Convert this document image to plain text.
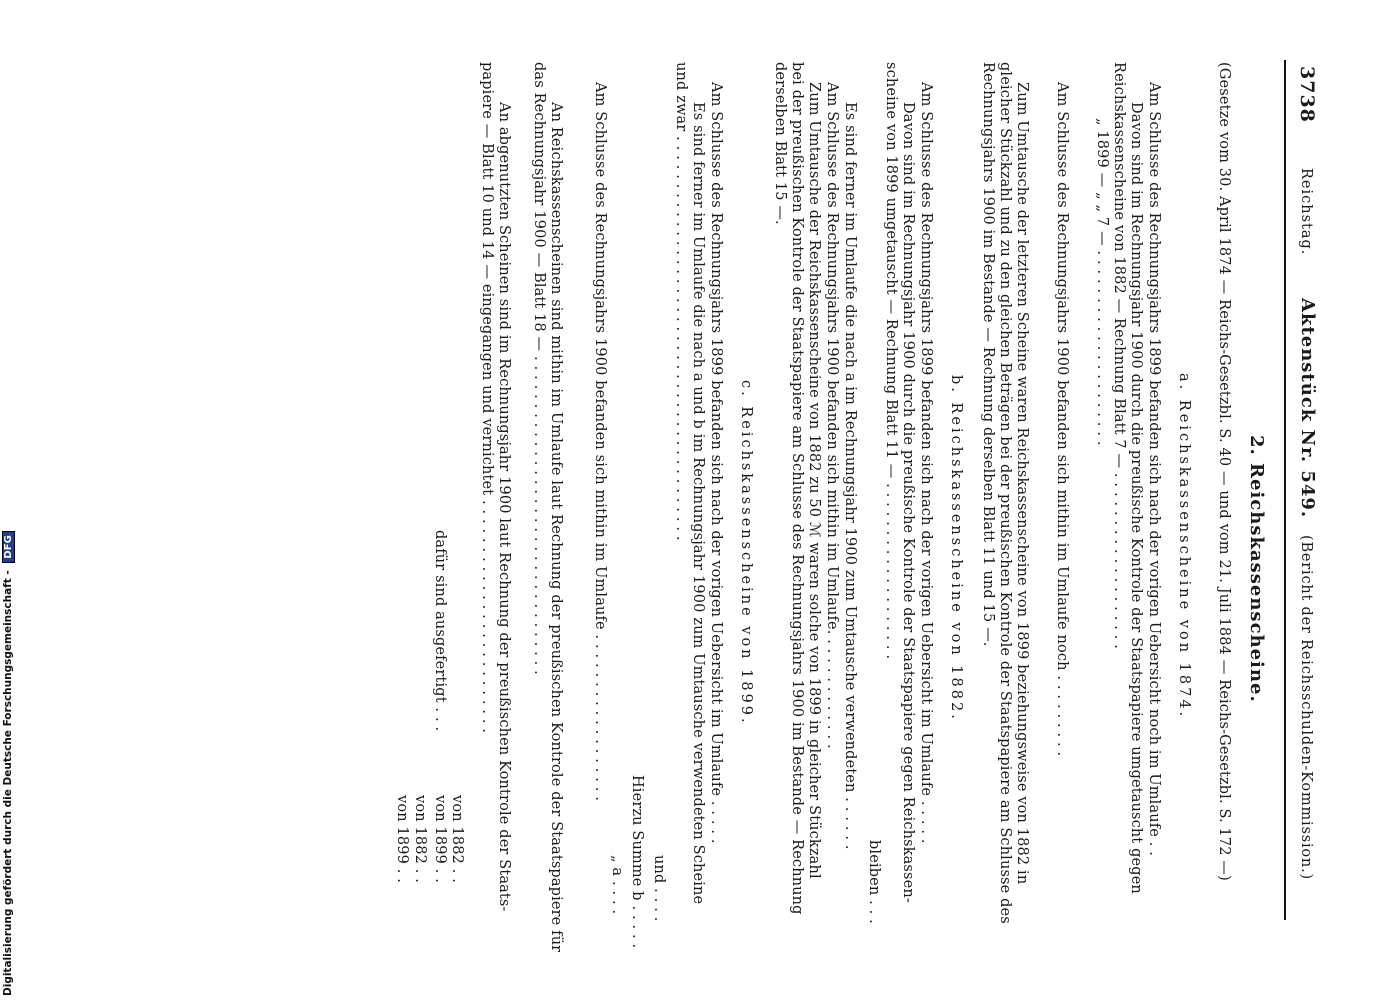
3738
Reichstag.
Aktenstück Nr. 549.
(Bericht der Reichsschulden-Kommission.)
2. Reichskassenscheine.
(Gesetze vom 30. April 1874 — Reichs-Gesetzbl. S. 40 — und vom 21. Juli 1884 — Reichs-Gesetzbl. S. 172 —)
a. Reichskassenscheine von 1874.
Am Schlusse des Rechnungsjahrs 1899 befanden sich nach der vorigen Uebersicht noch im Umlaufe . .
Davon sind im Rechnungsjahr 1900 durch die preußische Kontrole der Staatspapiere umgetauscht gegen
Reichskassenscheine von 1882 — Rechnung Blatt 7 — . . . . . . . . . . . . . . . . . . .
„ 1899 — „ „ 7 — . . . . . . . . . . . . . . . . . . . . .
Am Schlusse des Rechnungsjahrs 1900 befanden sich mithin im Umlaufe noch . . . . . . . . .
Zum Umtausche der letzteren Scheine waren Reichskassenscheine von 1899 beziehungsweise von 1882 in
gleicher Stückzahl und zu den gleichen Beträgen bei der preußischen Kontrole der Staatspapiere am Schlusse des
Rechnungsjahrs 1900 im Bestande — Rechnung derselben Blatt 11 und 15 —.
b. Reichskassenscheine von 1882.
Am Schlusse des Rechnungsjahrs 1899 befanden sich nach der vorigen Uebersicht im Umlaufe . . . . .
Davon sind im Rechnungsjahr 1900 durch die preußische Kontrole der Staatspapiere gegen Reichskassen-
scheine von 1899 umgetauscht — Rechnung Blatt 11 — . . . . . . . . . . . . . . . . . . .
bleiben . . .
Es sind ferner im Umlaufe die nach a im Rechnungsjahr 1900 zum Umtausche verwendeten . . . . . .
Am Schlusse des Rechnungsjahrs 1900 befanden sich mithin im Umlaufe. . . . . . . . . . . . .
Zum Umtausche der Reichskassenscheine von 1882 zu 50 ℳ waren solche von 1899 in gleicher Stückzahl
bei der preußischen Kontrole der Staatspapiere am Schlusse des Rechnungsjahrs 1900 im Bestande — Rechnung
derselben Blatt 15 —.
c. Reichskassenscheine von 1899.
Am Schlusse des Rechnungsjahrs 1899 befanden sich nach der vorigen Uebersicht im Umlaufe . . . . .
Es sind ferner im Umlaufe die nach a und b im Rechnungsjahr 1900 zum Umtausche verwendeten Scheine
und zwar . . . . . . . . . . . . . . . . . . . . . . . . . . . . . . . . . . . . . . . . . . .
und . . . .
Hierzu Summe b . . . . .
„ a . . . .
Am Schlusse des Rechnungsjahrs 1900 befanden sich mithin im Umlaufe . . . . . . . . . . . . . . . . . .
An Reichskassenscheinen sind mithin im Umlaufe laut Rechnung der preußischen Kontrole der Staatspapiere für
das Rechnungsjahr 1900 — Blatt 18 — . . . . . . . . . . . . . . . . . . . . . . . . . . . . . . . . . .
An abgenutzten Scheinen sind im Rechnungsjahr 1900 laut Rechnung der preußischen Kontrole der Staats-
papiere — Blatt 10 und 14 — eingegangen und vernichtet . . . . . . . . . . . . . . . . . . . . . . . . .
dafür sind ausgefertigt . . .
von 1882 . .
von 1899 . .
von 1882 . .
von 1899 . .
Digitalisierung gefördert durch die Deutsche Forschungsgemeinschaft - DFG
